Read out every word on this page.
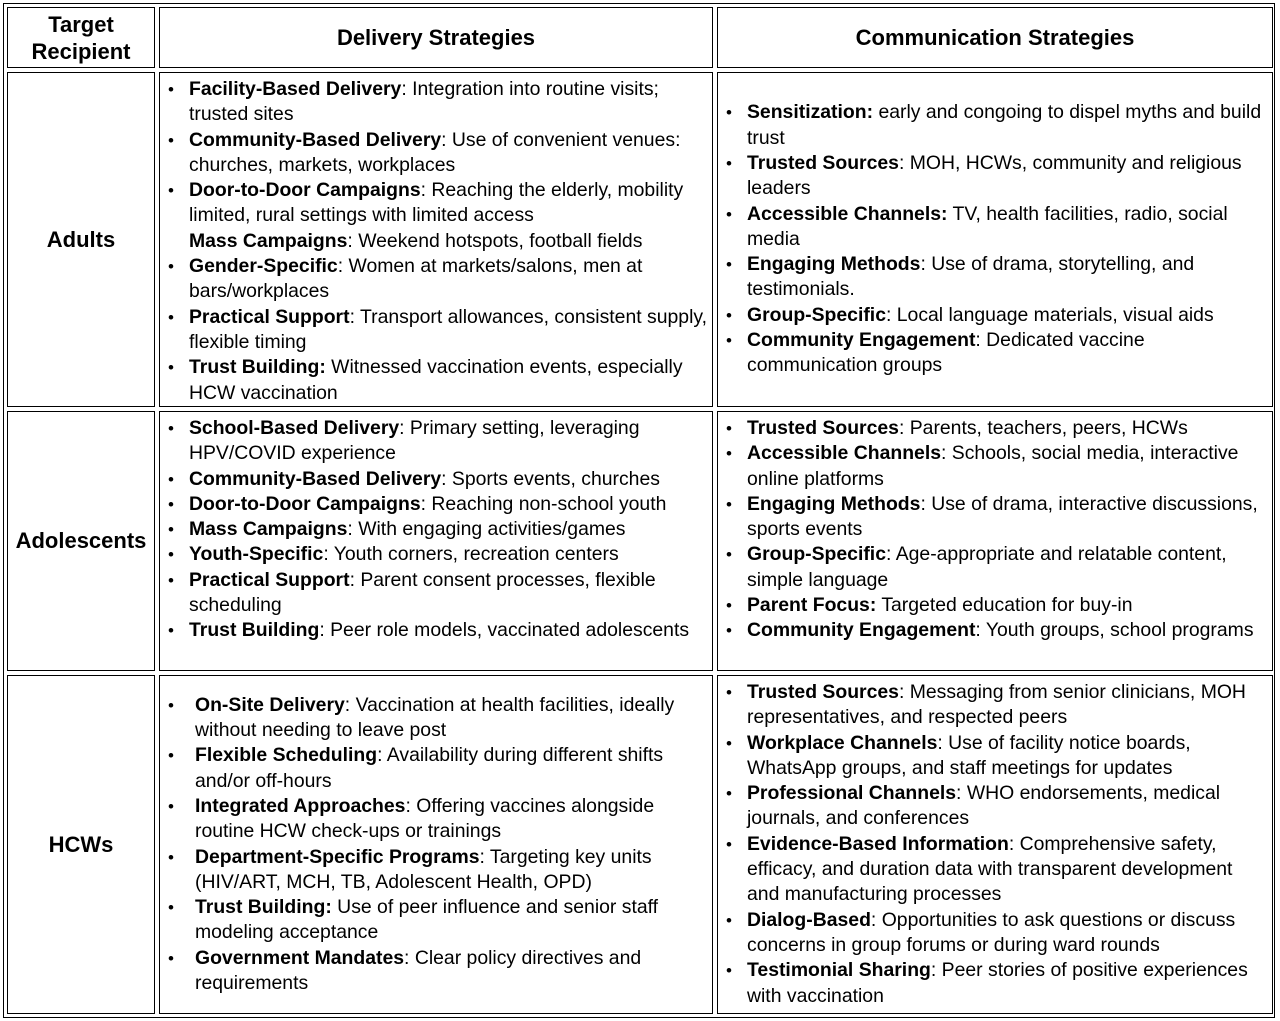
Target Recipient
Delivery Strategies	Communication Strategies
Adults
• Facility-Based Delivery: Integration into routine visits; trusted sites
• Community-Based Delivery: Use of convenient venues: churches, markets, workplaces
• Door-to-Door Campaigns: Reaching the elderly, mobility limited, rural settings with limited access
Mass Campaigns: Weekend hotspots, football fields
• Gender-Specific: Women at markets/salons, men at bars/workplaces
• Practical Support: Transport allowances, consistent supply, flexible timing
• Trust Building: Witnessed vaccination events, especially HCW vaccination
• Sensitization: early and congoing to dispel myths and build trust
• Trusted Sources: MOH, HCWs, community and religious leaders
• Accessible Channels: TV, health facilities, radio, social media
• Engaging Methods: Use of drama, storytelling, and testimonials.
• Group-Specific: Local language materials, visual aids
• Community Engagement: Dedicated vaccine communication groups
Adolescents
• School-Based Delivery: Primary setting, leveraging HPV/COVID experience
• Community-Based Delivery: Sports events, churches
• Door-to-Door Campaigns: Reaching non-school youth
• Mass Campaigns: With engaging activities/games
• Youth-Specific: Youth corners, recreation centers
• Practical Support: Parent consent processes, flexible scheduling
• Trust Building: Peer role models, vaccinated adolescents
• Trusted Sources: Parents, teachers, peers, HCWs
• Accessible Channels: Schools, social media, interactive online platforms
• Engaging Methods: Use of drama, interactive discussions, sports events
• Group-Specific: Age-appropriate and relatable content, simple language
• Parent Focus: Targeted education for buy-in
• Community Engagement: Youth groups, school programs
HCWs
• On-Site Delivery: Vaccination at health facilities, ideally without needing to leave post
• Flexible Scheduling: Availability during different shifts and/or off-hours
• Integrated Approaches: Offering vaccines alongside routine HCW check-ups or trainings
• Department-Specific Programs: Targeting key units (HIV/ART, MCH, TB, Adolescent Health, OPD)
• Trust Building: Use of peer influence and senior staff modeling acceptance
• Government Mandates: Clear policy directives and requirements
• Trusted Sources: Messaging from senior clinicians, MOH representatives, and respected peers
• Workplace Channels: Use of facility notice boards, WhatsApp groups, and staff meetings for updates
• Professional Channels: WHO endorsements, medical journals, and conferences
• Evidence-Based Information: Comprehensive safety, efficacy, and duration data with transparent development and manufacturing processes
• Dialog-Based: Opportunities to ask questions or discuss concerns in group forums or during ward rounds
• Testimonial Sharing: Peer stories of positive experiences with vaccination
